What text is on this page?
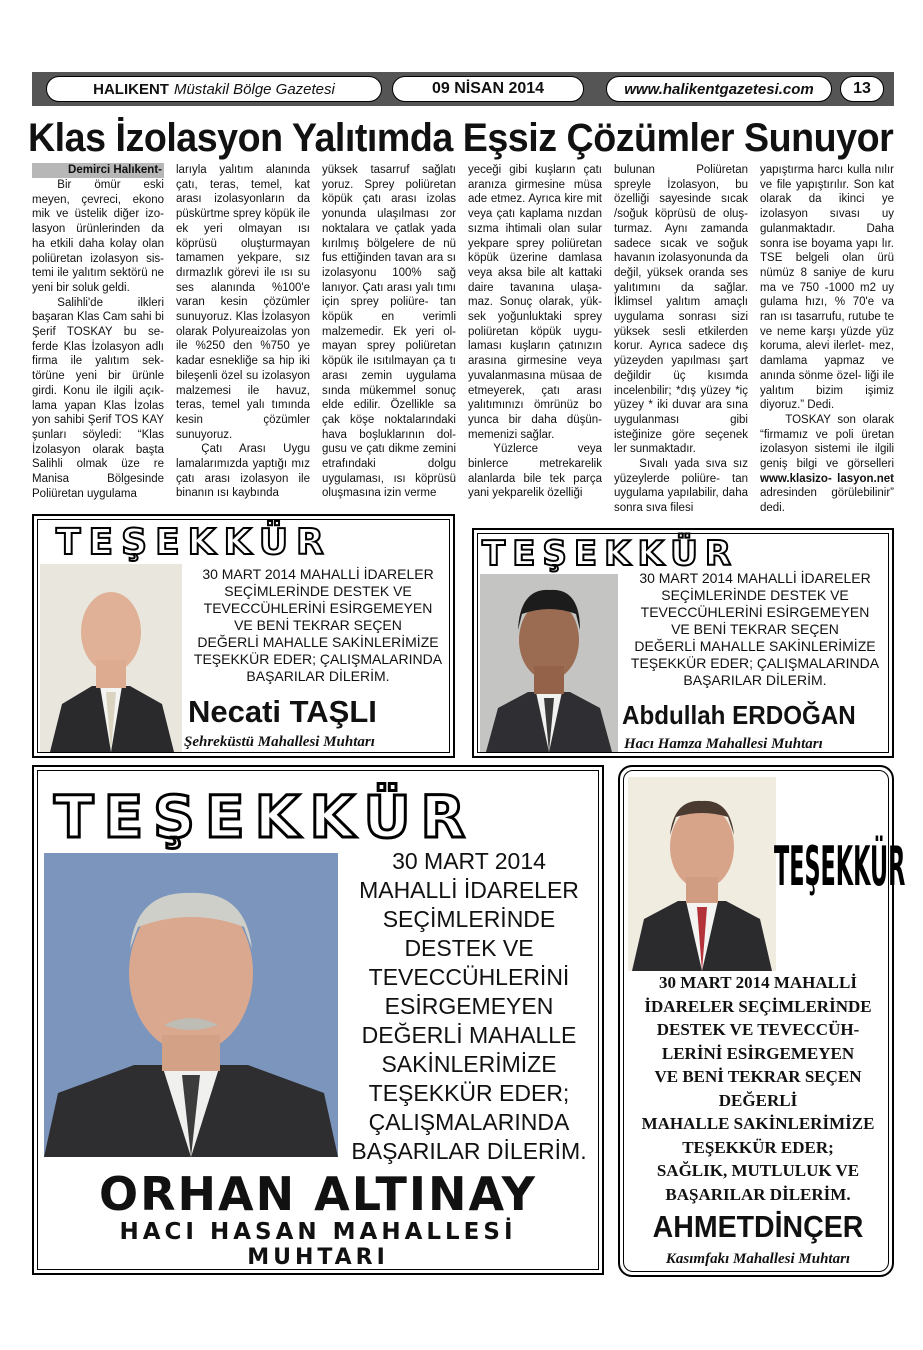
HALIKENT Müstakil Bölge Gazetesi	09 NİSAN 2014	www.halikentgazetesi.com	13
Klas İzolasyon Yalıtımda Eşsiz Çözümler Sunuyor
Demirci Halıkent-

Bir ömür eski meyen, çevreci, ekono mik ve üstelik diğer izo- lasyon ürünlerinden da ha etkili daha kolay olan poliüretan izolasyon sis- temi ile yalıtım sektörü ne yeni bir soluk geldi.

Salihli'de ilkleri başaran Klas Cam sahi bi Şerif TOSKAY bu se- ferde Klas İzolasyon adlı firma ile yalıtım sek- törüne yeni bir ürünle girdi. Konu ile ilgili açık- lama yapan Klas İzolas yon sahibi Şerif TOS KAY şunları söyledi: “Klas İzolasyon olarak başta Salihli olmak üze re Manisa Bölgesinde Poliüretan uygulama

larıyla yalıtım alanında çatı, teras, temel, kat arası izolasyonların da püskürtme sprey köpük ile ek yeri olmayan ısı köprüsü oluşturmayan tamamen yekpare, sız dırmazlık görevi ile ısı su ses alanında %100'e varan kesin çözümler sunuyoruz. Klas İzolasyon olarak Polyureaizolas yon ile %250 den %750 ye kadar esnekliğe sa hip iki bileşenli özel su izolasyon malzemesi ile havuz, teras, temel yalı tımında kesin çözümler sunuyoruz.

Çatı Arası Uygu lamalarımızda yaptığı mız çatı arası izolasyon ile binanın ısı kaybında

yüksek tasarruf sağlatı yoruz. Sprey poliüretan köpük çatı arası izolas yonunda ulaşılması zor noktalara ve çatlak yada kırılmış bölgelere de nü fus ettiğinden tavan ara sı izolasyonu 100% sağ lanıyor. Çatı arası yalı tımı için sprey poliüre- tan köpük en verimli malzemedir. Ek yeri ol- mayan sprey poliüretan köpük ile ısıtılmayan ça tı arası zemin uygulama sında mükemmel sonuç elde edilir. Özellikle sa çak köşe noktalarındaki hava boşluklarının dol- gusu ve çatı dikme zemini etrafındaki dolgu uygulaması, ısı köprüsü oluşmasına izin verme

yeceği gibi kuşların çatı aranıza girmesine müsa ade etmez. Ayrıca kire mit veya çatı kaplama nızdan sızma ihtimali olan sular yekpare sprey poliüretan köpük üzerine damlasa veya aksa bile alt kattaki daire tavanına ulaşa- maz. Sonuç olarak, yük- sek yoğunluktaki sprey poliüretan köpük uygu- laması kuşların çatınızın arasına girmesine veya yuvalanmasına müsaa de etmeyerek, çatı arası yalıtımınızı ömrünüz bo yunca bir daha düşün- memenizi sağlar.

Yüzlerce veya binlerce metrekarelik alanlarda bile tek parça yani yekparelik özelliği

bulunan Poliüretan spreyle İzolasyon, bu özelliği sayesinde sıcak /soğuk köprüsü de oluş- turmaz. Aynı zamanda sadece sıcak ve soğuk havanın izolasyonunda da değil, yüksek oranda ses yalıtımını da sağlar. İklimsel yalıtım amaçlı uygulama sonrası sizi yüksek sesli etkilerden korur. Ayrıca sadece dış yüzeyden yapılması şart değildir üç kısımda incelenbilir; *dış yüzey *iç yüzey * iki duvar ara sına uygulanması gibi isteğinize göre seçenek ler sunmaktadır.

Sıvalı yada sıva sız yüzeylerde poliüre- tan uygulama yapılabilir, daha sonra sıva filesi

yapıştırma harcı kulla nılır ve file yapıştırılır. Son kat olarak da ikinci ye izolasyon sıvası uy gulanmaktadır. Daha sonra ise boyama yapı lır. TSE belgeli olan ürü nümüz 8 saniye de kuru ma ve 750 -1000 m2 uy gulama hızı, % 70'e va ran ısı tasarrufu, rutube te ve neme karşı yüzde yüz koruma, alevi ilerlet- mez, damlama yapmaz ve anında sönme özel- liği ile yalıtım bizim işimiz diyoruz.” Dedi.

TOSKAY son olarak “firmamız ve poli üretan izolasyon sistemi ile ilgili geniş bilgi ve görselleri www.klasizo- lasyon.net adresinden görülebilinir” dedi.

TEŞEKKÜR
30 MART 2014 MAHALLİ İDARELER
SEÇİMLERİNDE DESTEK VE
TEVECCÜHLERİNİ ESİRGEMEYEN
VE BENİ TEKRAR SEÇEN
DEĞERLİ MAHALLE SAKİNLERİMİZE
TEŞEKKÜR EDER; ÇALIŞMALARINDA
BAŞARILAR DİLERİM.
Necati TAŞLI
Şehreküstü Mahallesi Muhtarı
TEŞEKKÜR
30 MART 2014 MAHALLİ İDARELER
SEÇİMLERİNDE DESTEK VE
TEVECCÜHLERİNİ ESİRGEMEYEN
VE BENİ TEKRAR SEÇEN
DEĞERLİ MAHALLE SAKİNLERİMİZE
TEŞEKKÜR EDER; ÇALIŞMALARINDA
BAŞARILAR DİLERİM.
Abdullah ERDOĞAN
Hacı Hamza Mahallesi Muhtarı
TEŞEKKÜR
30 MART 2014
MAHALLİ İDARELER
SEÇİMLERİNDE
DESTEK VE
TEVECCÜHLERİNİ
ESİRGEMEYEN
DEĞERLİ MAHALLE
SAKİNLERİMİZE
TEŞEKKÜR EDER;
ÇALIŞMALARINDA
BAŞARILAR DİLERİM.
ORHAN ALTINAY
HACI HASAN MAHALLESİ
MUHTARI
TEŞEKKÜR
30 MART 2014 MAHALLİ
İDARELER SEÇİMLERİNDE
DESTEK VE TEVECCÜH-
LERİNİ ESİRGEMEYEN
VE BENİ TEKRAR SEÇEN
DEĞERLİ
MAHALLE SAKİNLERİMİZE
TEŞEKKÜR EDER;
SAĞLIK, MUTLULUK VE
BAŞARILAR DİLERİM.
AHMETDİNÇER
Kasımfakı Mahallesi Muhtarı
